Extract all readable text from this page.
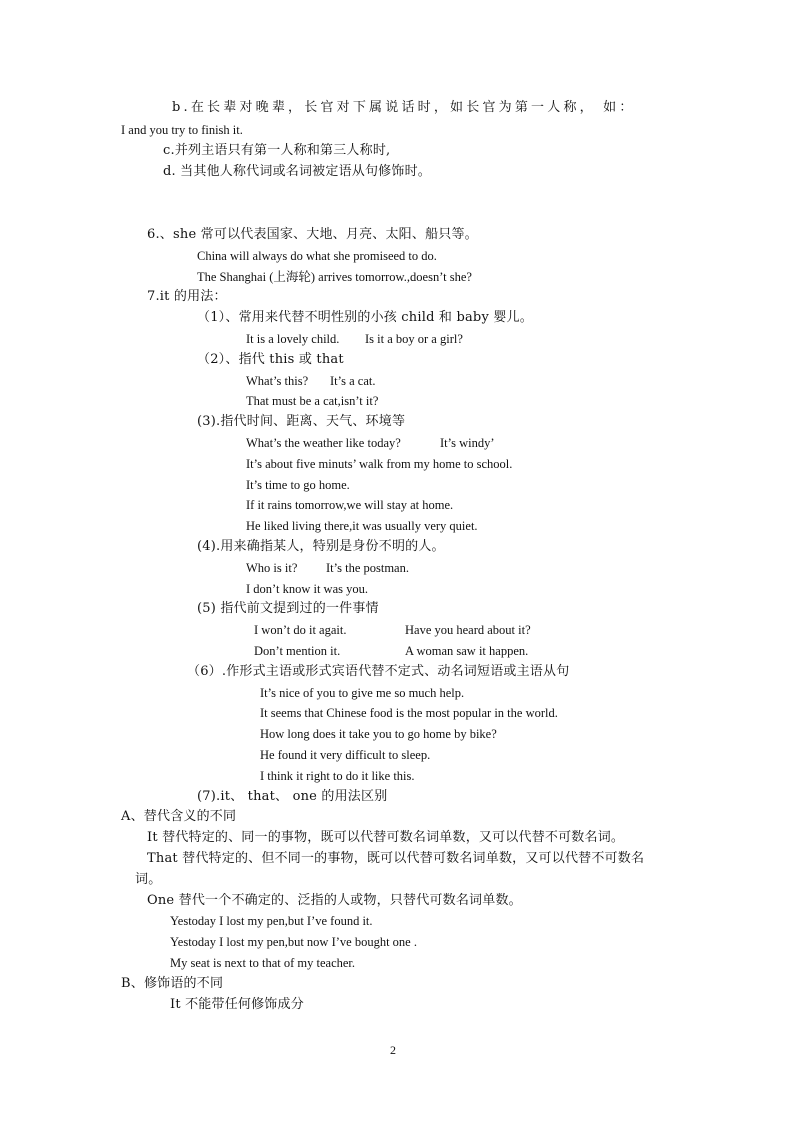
b.在长辈对晚辈，长官对下属说话时，如长官为第一人称， 如：
I and you try to finish it.
c.并列主语只有第一人称和第三人称时,
d. 当其他人称代词或名词被定语从句修饰时。
6.、she 常可以代表国家、大地、月亮、太阳、船只等。
China will always do what she promiseed to do.
The Shanghai (上海轮) arrives tomorrow.,doesn’t she?
7.it 的用法：
（1）、常用来代替不明性别的小孩 child 和 baby 婴儿。
It is a lovely child. Is it a boy or a girl?
（2）、指代 this 或 that
What’s this? It’s a cat.
That must be a cat,isn’t it?
(3).指代时间、距离、天气、环境等
What’s the weather like today?	It’s windy’
It’s about five minuts’ walk from my home to school.
It’s time to go home.
If it rains tomorrow,we will stay at home.
He liked living there,it was usually very quiet.
(4).用来确指某人，特别是身份不明的人。
Who is it? It’s the postman.
I don’t know it was you.
(5) 指代前文提到过的一件事情
I won’t do it agait.	Have you heard about it?
Don’t mention it.	A woman saw it happen.
（6）.作形式主语或形式宾语代替不定式、动名词短语或主语从句
It’s nice of you to give me so much help.
It seems that Chinese food is the most popular in the world.
How long does it take you to go home by bike?
He found it very difficult to sleep.
I think it right to do it like this.
(7).it、 that、 one 的用法区别
A、替代含义的不同
It 替代特定的、同一的事物，既可以代替可数名词单数，又可以代替不可数名词。
That 替代特定的、但不同一的事物，既可以代替可数名词单数，又可以代替不可数名
词。
One 替代一个不确定的、泛指的人或物，只替代可数名词单数。
Yestoday I lost my pen,but I’ve found it.
Yestoday I lost my pen,but now I’ve bought one .
My seat is next to that of my teacher.
B、修饰语的不同
It 不能带任何修饰成分
2
